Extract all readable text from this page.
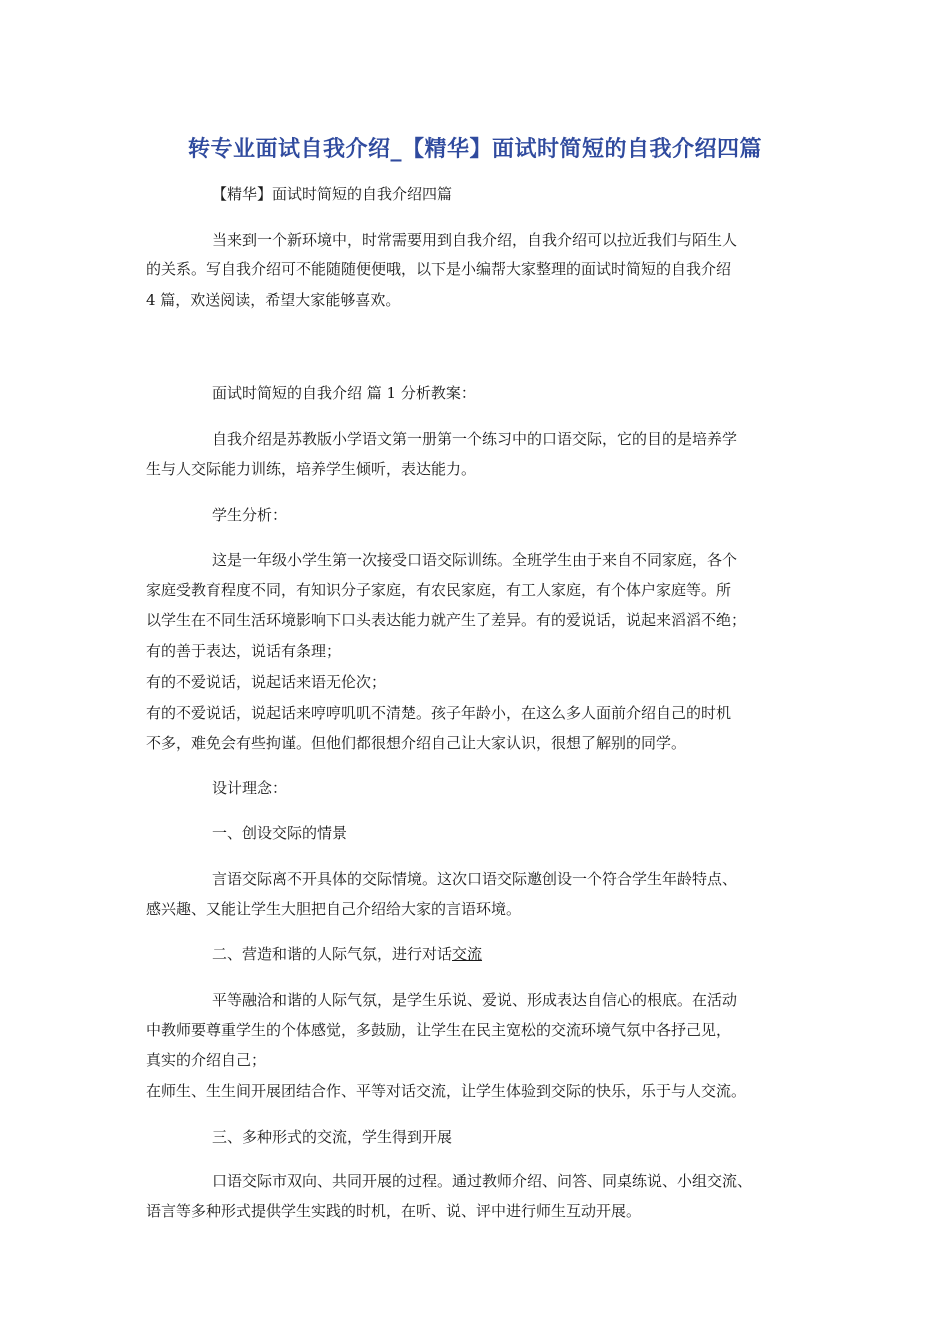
转专业面试自我介绍_【精华】面试时简短的自我介绍四篇
【精华】面试时简短的自我介绍四篇
当来到一个新环境中，时常需要用到自我介绍，自我介绍可以拉近我们与陌生人
的关系。写自我介绍可不能随随便便哦，以下是小编帮大家整理的面试时简短的自我介绍
4 篇，欢送阅读，希望大家能够喜欢。
面试时简短的自我介绍 篇 1 分析教案：
自我介绍是苏教版小学语文第一册第一个练习中的口语交际，它的目的是培养学
生与人交际能力训练，培养学生倾听，表达能力。
学生分析：
这是一年级小学生第一次接受口语交际训练。全班学生由于来自不同家庭，各个
家庭受教育程度不同，有知识分子家庭，有农民家庭，有工人家庭，有个体户家庭等。所
以学生在不同生活环境影响下口头表达能力就产生了差异。有的爱说话，说起来滔滔不绝；
有的善于表达，说话有条理；
有的不爱说话，说起话来语无伦次；
有的不爱说话，说起话来哼哼叽叽不清楚。孩子年龄小，在这么多人面前介绍自己的时机
不多，难免会有些拘谨。但他们都很想介绍自己让大家认识，很想了解别的同学。
设计理念：
一、创设交际的情景
言语交际离不开具体的交际情境。这次口语交际邀创设一个符合学生年龄特点、
感兴趣、又能让学生大胆把自己介绍给大家的言语环境。
二、营造和谐的人际气氛，进行对话交流
平等融洽和谐的人际气氛，是学生乐说、爱说、形成表达自信心的根底。在活动
中教师要尊重学生的个体感觉，多鼓励，让学生在民主宽松的交流环境气氛中各抒己见，
真实的介绍自己；
在师生、生生间开展团结合作、平等对话交流，让学生体验到交际的快乐，乐于与人交流。
三、多种形式的交流，学生得到开展
口语交际市双向、共同开展的过程。通过教师介绍、问答、同桌练说、小组交流、
语言等多种形式提供学生实践的时机，在听、说、评中进行师生互动开展。
